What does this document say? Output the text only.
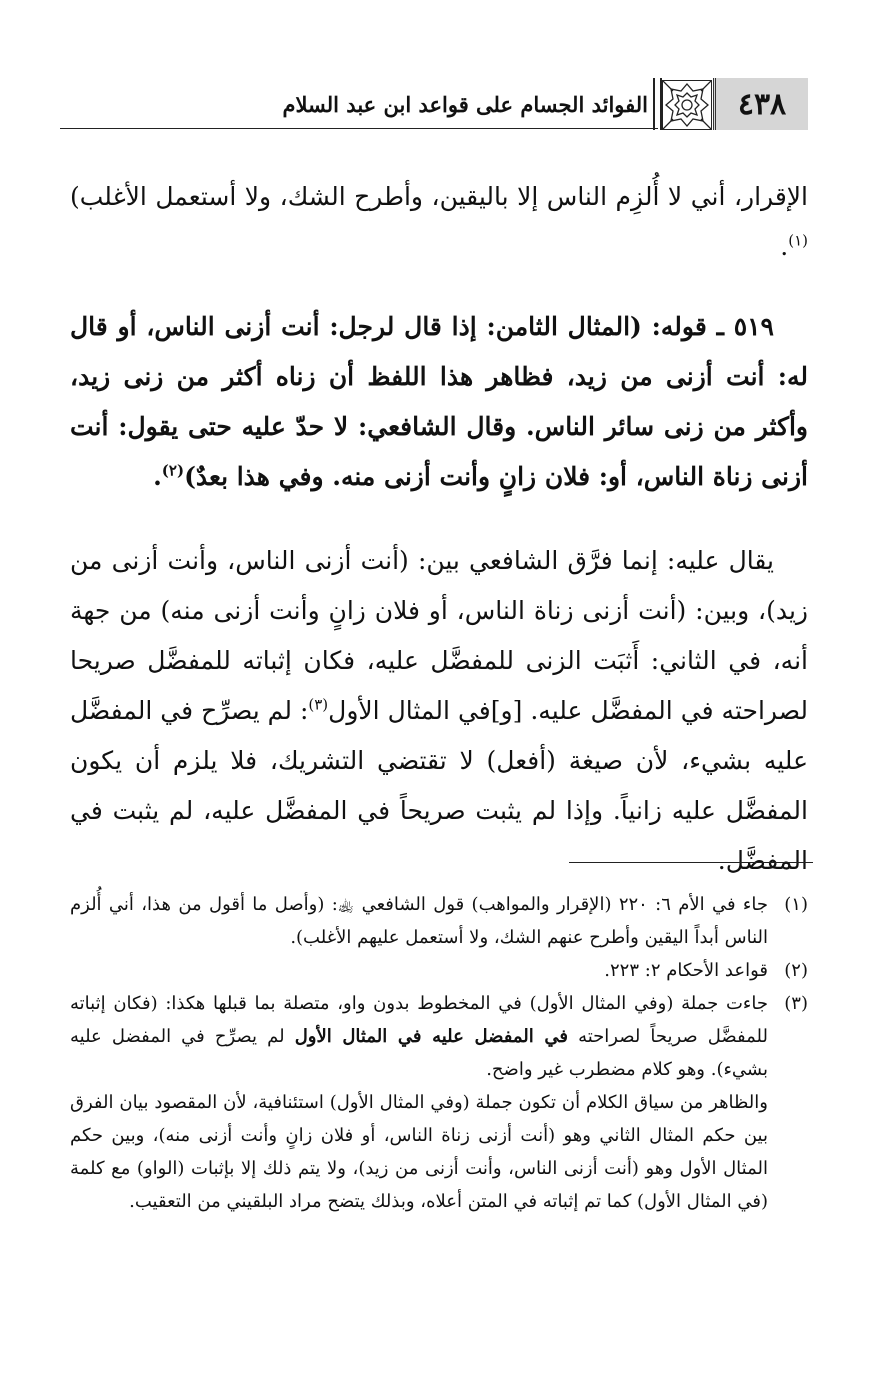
٤٣٨
الفوائد الجسام على قواعد ابن عبد السلام

الإقرار، أني لا أُلزِم الناس إلا باليقين، وأطرح الشك، ولا أستعمل الأغلب)$^{(١)}$.

٥١٩ ـ قوله: (المثال الثامن: إذا قال لرجل: أنت أزنى الناس، أو قال له: أنت أزنى من زيد، فظاهر هذا اللفظ أن زناه أكثر من زنى زيد، وأكثر من زنى سائر الناس. وقال الشافعي: لا حدّ عليه حتى يقول: أنت أزنى زناة الناس، أو: فلان زانٍ وأنت أزنى منه. وفي هذا بعدٌ)$^{(٢)}$.

يقال عليه: إنما فرَّق الشافعي بين: (أنت أزنى الناس، وأنت أزنى من زيد)، وبين: (أنت أزنى زناة الناس، أو فلان زانٍ وأنت أزنى منه) من جهة أنه، في الثاني: أَثبَت الزنى للمفضَّل عليه، فكان إثباته للمفضَّل صريحا لصراحته في المفضَّل عليه. [و]في المثال الأول$^{(٣)}$: لم يصرِّح في المفضَّل عليه بشيء، لأن صيغة (أفعل) لا تقتضي التشريك، فلا يلزم أن يكون المفضَّل عليه زانياً. وإذا لم يثبت صريحاً في المفضَّل عليه، لم يثبت في المفضَّل.

(١)
جاء في الأم ٦: ٢٢٠ (الإقرار والمواهب) قول الشافعي ﵀: (وأصل ما أقول من هذا، أني أُلزم الناس أبداً اليقين وأطرح عنهم الشك، ولا أستعمل عليهم الأغلب).
(٢)
قواعد الأحكام ٢: ٢٢٣.
(٣)
جاءت جملة (وفي المثال الأول) في المخطوط بدون واو، متصلة بما قبلها هكذا: (فكان إثباته للمفضَّل صريحاً لصراحته في المفضل عليه في المثال الأول لم يصرِّح في المفضل عليه بشيء). وهو كلام مضطرب غير واضح.
والظاهر من سياق الكلام أن تكون جملة (وفي المثال الأول) استئنافية، لأن المقصود بيان الفرق بين حكم المثال الثاني وهو (أنت أزنى زناة الناس، أو فلان زانٍ وأنت أزنى منه)، وبين حكم المثال الأول وهو (أنت أزنى الناس، وأنت أزنى من زيد)، ولا يتم ذلك إلا بإثبات (الواو) مع كلمة (في المثال الأول) كما تم إثباته في المتن أعلاه، وبذلك يتضح مراد البلقيني من التعقيب.
